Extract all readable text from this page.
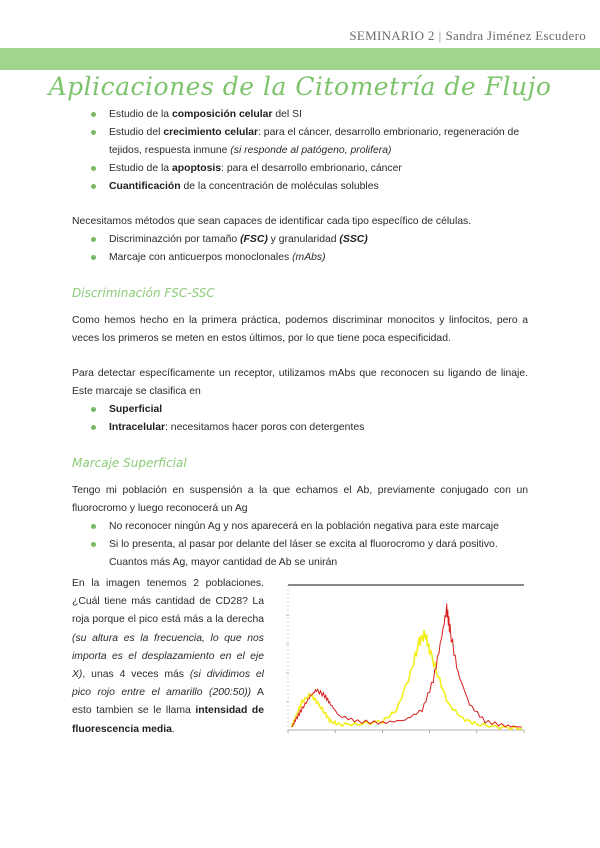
SEMINARIO 2 | Sandra Jiménez Escudero
Aplicaciones de la Citometría de Flujo
Estudio de la composición celular del SI
Estudio del crecimiento celular: para el cáncer, desarrollo embrionario, regeneración de tejidos, respuesta inmune (si responde al patógeno, prolifera)
Estudio de la apoptosis: para el desarrollo embrionario, cáncer
Cuantificación de la concentración de moléculas solubles

Necesitamos métodos que sean capaces de identificar cada tipo específico de células.

Discriminazción por tamaño (FSC) y granularidad (SSC)
Marcaje con anticuerpos monoclonales (mAbs)

Discriminación FSC-SSC

Como hemos hecho en la primera práctica, podemos discriminar monocitos y linfocitos, pero a veces los primeros se meten en estos últimos, por lo que tiene poca especificidad.

Para detectar específicamente un receptor, utilizamos mAbs que reconocen su ligando de linaje. Este marcaje se clasifica en

Superficial
Intracelular: necesitamos hacer poros con detergentes

Marcaje Superficial

Tengo mi población en suspensión a la que echamos el Ab, previamente conjugado con un fluorocromo y luego reconocerá un Ag

No reconocer ningún Ag y nos aparecerá en la población negativa para este marcaje
Si lo presenta, al pasar por delante del láser se excita al fluorocromo y dará positivo. Cuantos más Ag, mayor cantidad de Ab se unirán
En la imagen tenemos 2 poblaciones. ¿Cuál tiene más cantidad de CD28? La roja porque el pico está más a la derecha (su altura es la frecuencia, lo que nos importa es el desplazamiento en el eje X), unas 4 veces más (si dividimos el pico rojo entre el amarillo (200:50)) A esto tambien se le llama intensidad de fluorescencia media.
